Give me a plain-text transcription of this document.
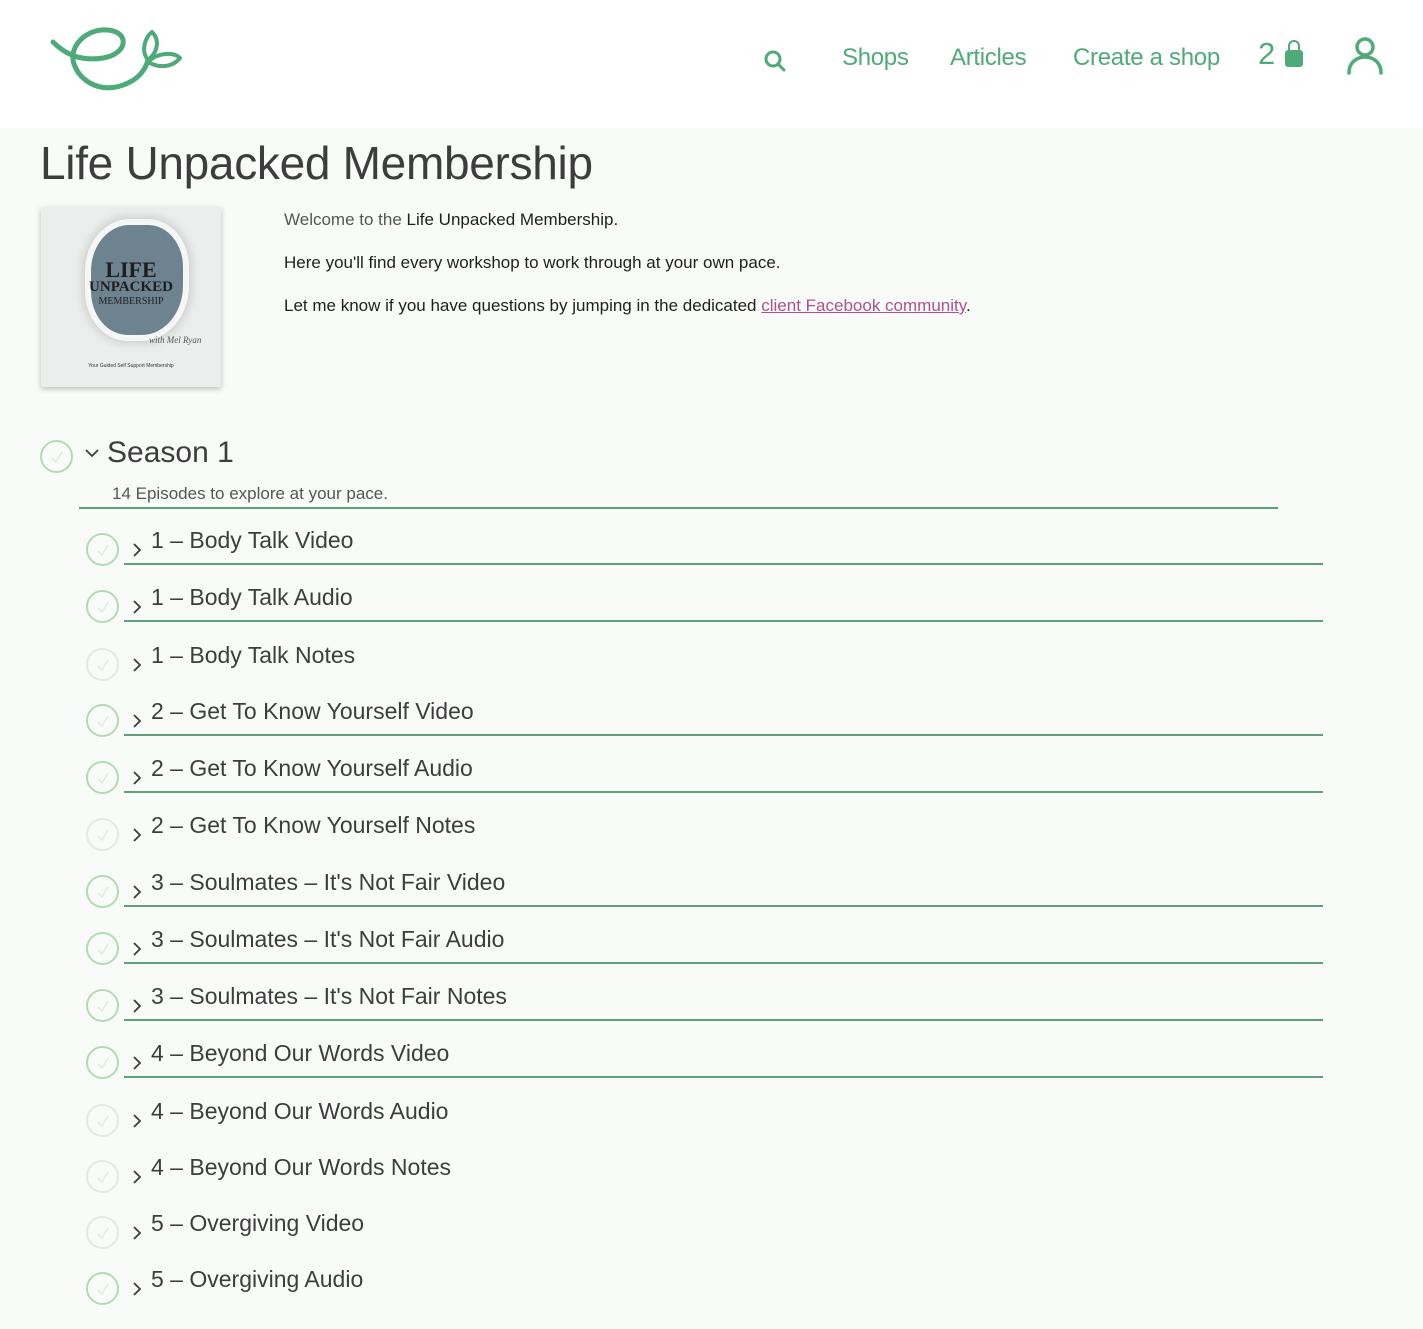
Shops Articles Create a shop 2
Life Unpacked Membership
LIFE
UNPACKED
MEMBERSHIP
with Mel Ryan
Your Guided Self Support Membership

Welcome to the Life Unpacked Membership.

Here you'll find every workshop to work through at your own pace.

Let me know if you have questions by jumping in the dedicated client Facebook community.

Season 1
14 Episodes to explore at your pace.
1 – Body Talk Video
1 – Body Talk Audio
1 – Body Talk Notes
2 – Get To Know Yourself Video
2 – Get To Know Yourself Audio
2 – Get To Know Yourself Notes
3 – Soulmates – It's Not Fair Video
3 – Soulmates – It's Not Fair Audio
3 – Soulmates – It's Not Fair Notes
4 – Beyond Our Words Video
4 – Beyond Our Words Audio
4 – Beyond Our Words Notes
5 – Overgiving Video
5 – Overgiving Audio
